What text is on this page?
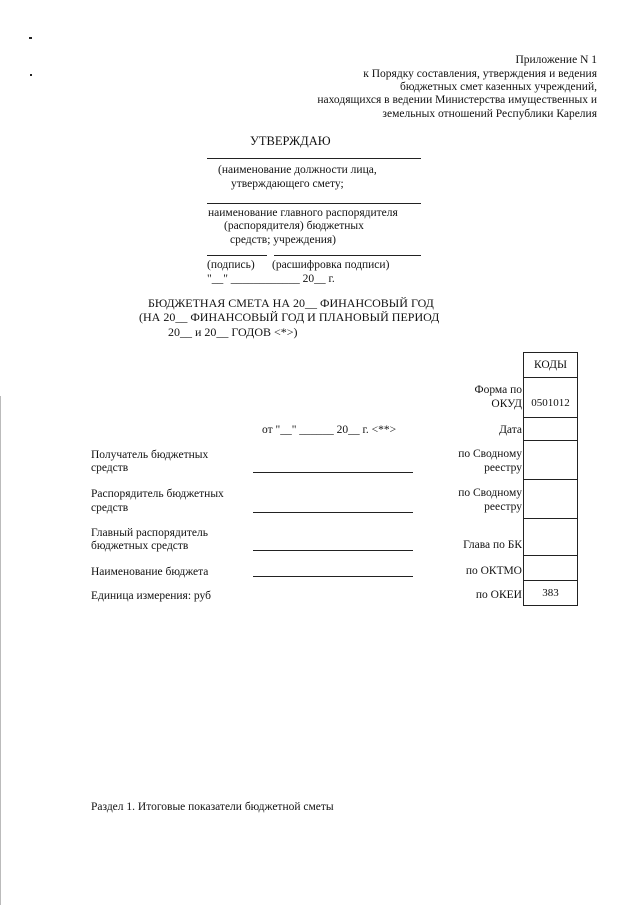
Приложение N 1
к Порядку составления, утверждения и ведения
бюджетных смет казенных учреждений,
находящихся в ведении Министерства имущественных и
земельных отношений Республики Карелия
УТВЕРЖДАЮ
(наименование должности лица,
утверждающего смету;
наименование главного распорядителя
(распорядителя) бюджетных
средств; учреждения)
(подпись) (расшифровка подписи)
"__" ____________ 20__ г.
БЮДЖЕТНАЯ СМЕТА НА 20__ ФИНАНСОВЫЙ ГОД
(НА 20__ ФИНАНСОВЫЙ ГОД И ПЛАНОВЫЙ ПЕРИОД
20__ и 20__ ГОДОВ <*>)
КОДЫ
0501012
383
Форма по
ОКУД
от "__" ______ 20__ г. <**>	Дата
по Сводному
реестру
по Сводному
реестру
Глава по БК
по ОКТМО
по ОКЕИ
Получатель бюджетных
средств
Распорядитель бюджетных
средств
Главный распорядитель
бюджетных средств
Наименование бюджета
Единица измерения: руб
Раздел 1. Итоговые показатели бюджетной сметы
